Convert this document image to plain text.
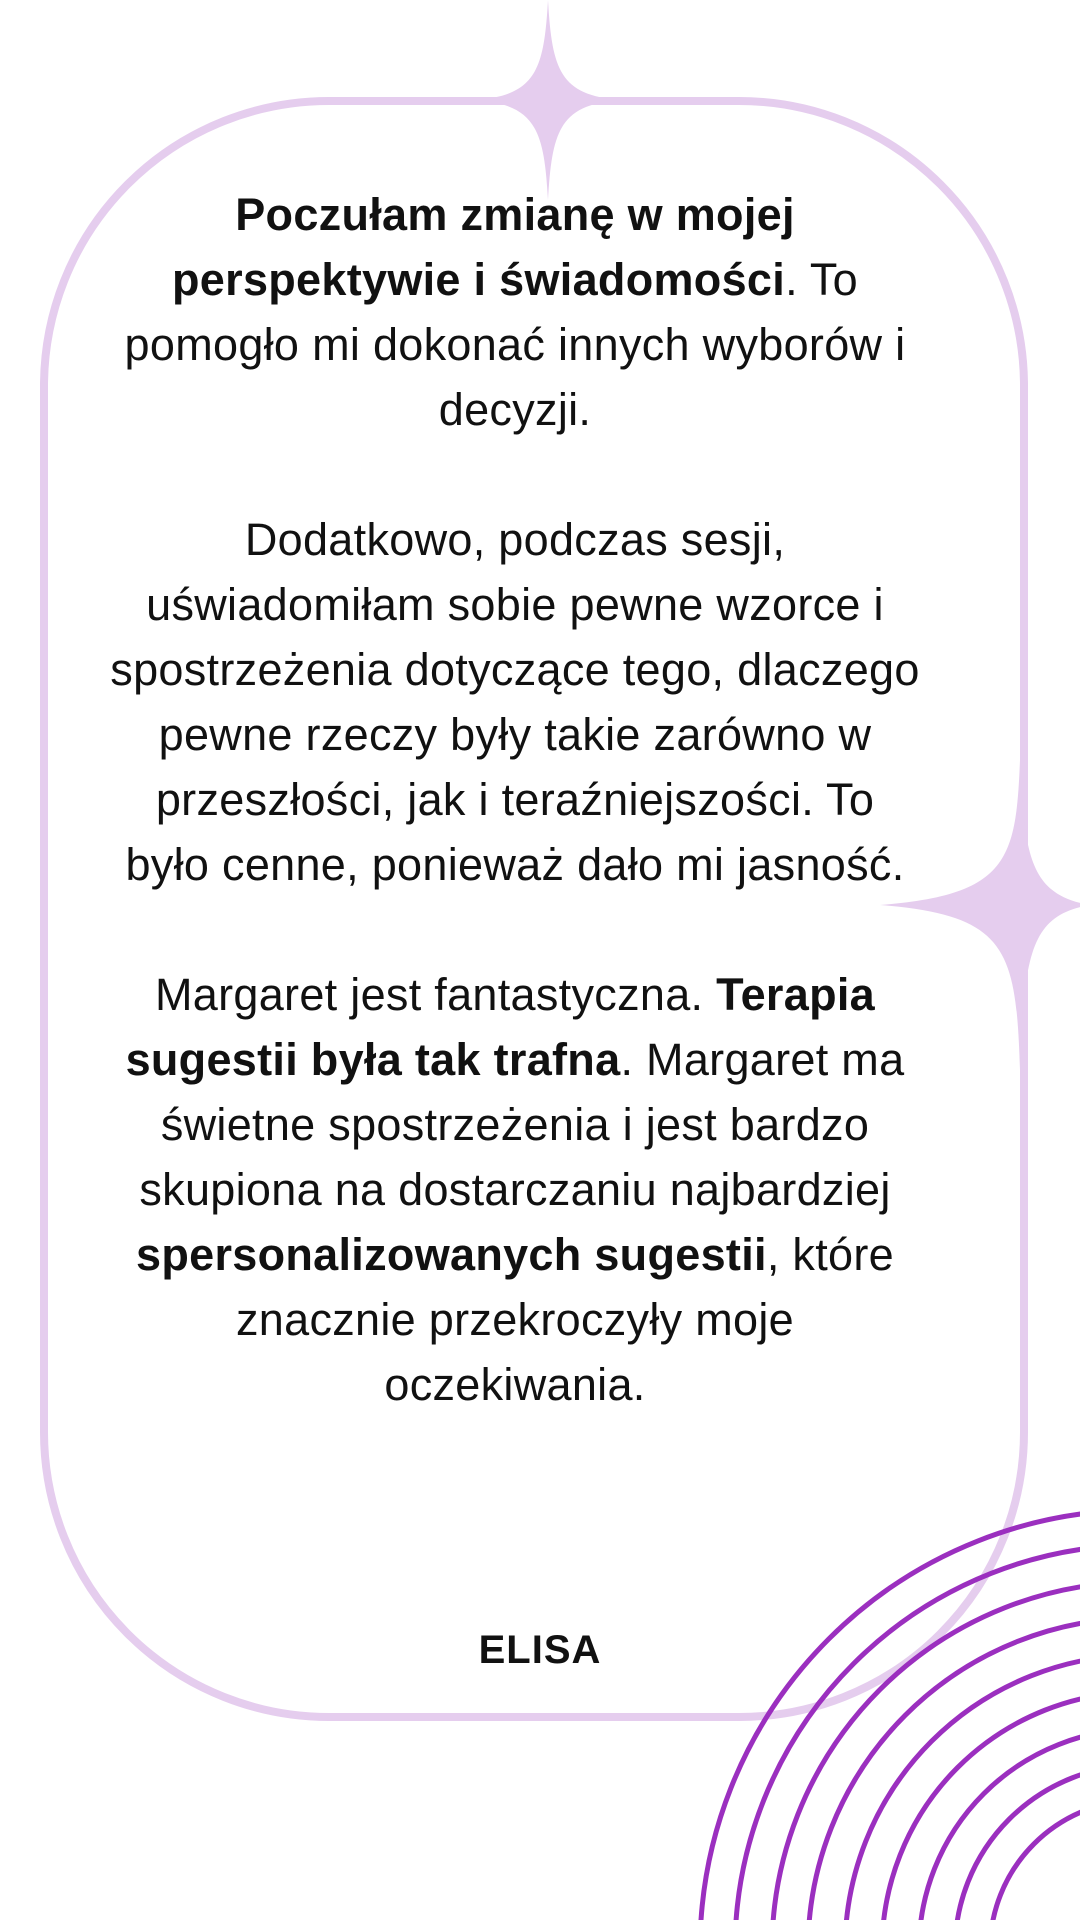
Poczułam zmianę w mojej perspektywie i świadomości. To pomogło mi dokonać innych wyborów i decyzji.

Dodatkowo, podczas sesji, uświadomiłam sobie pewne wzorce i spostrzeżenia dotyczące tego, dlaczego pewne rzeczy były takie zarówno w przeszłości, jak i teraźniejszości. To było cenne, ponieważ dało mi jasność.

Margaret jest fantastyczna. Terapia sugestii była tak trafna. Margaret ma świetne spostrzeżenia i jest bardzo skupiona na dostarczaniu najbardziej spersonalizowanych sugestii, które znacznie przekroczyły moje oczekiwania.

ELISA
